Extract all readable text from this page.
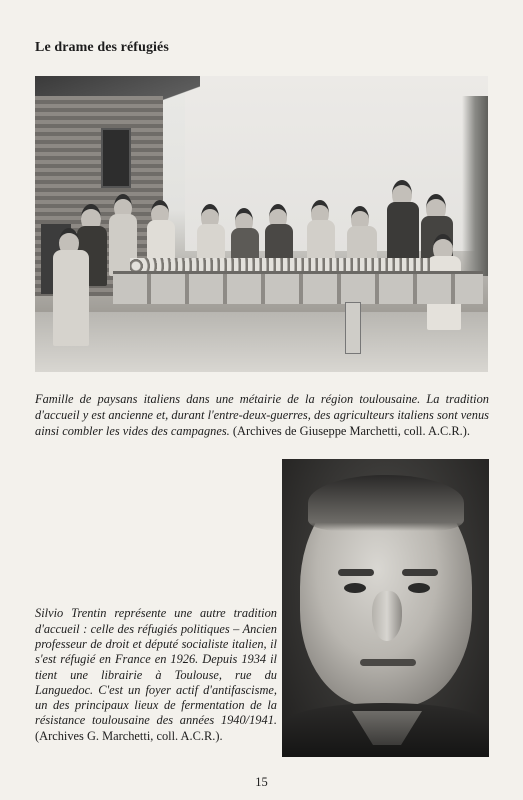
Le drame des réfugiés

Famille de paysans italiens dans une métairie de la région toulousaine. La tradition d'accueil y est ancienne et, durant l'entre-deux-guerres, des agriculteurs italiens sont venus ainsi combler les vides des campagnes. (Archives de Giuseppe Marchetti, coll. A.C.R.).

Silvio Trentin représente une autre tradition d'accueil : celle des réfugiés politiques – Ancien professeur de droit et député socialiste italien, il s'est réfugié en France en 1926. Depuis 1934 il tient une librairie à Toulouse, rue du Languedoc. C'est un foyer actif d'antifascisme, un des principaux lieux de fermentation de la résistance toulousaine des années 1940/1941. (Archives G. Marchetti, coll. A.C.R.).

15
